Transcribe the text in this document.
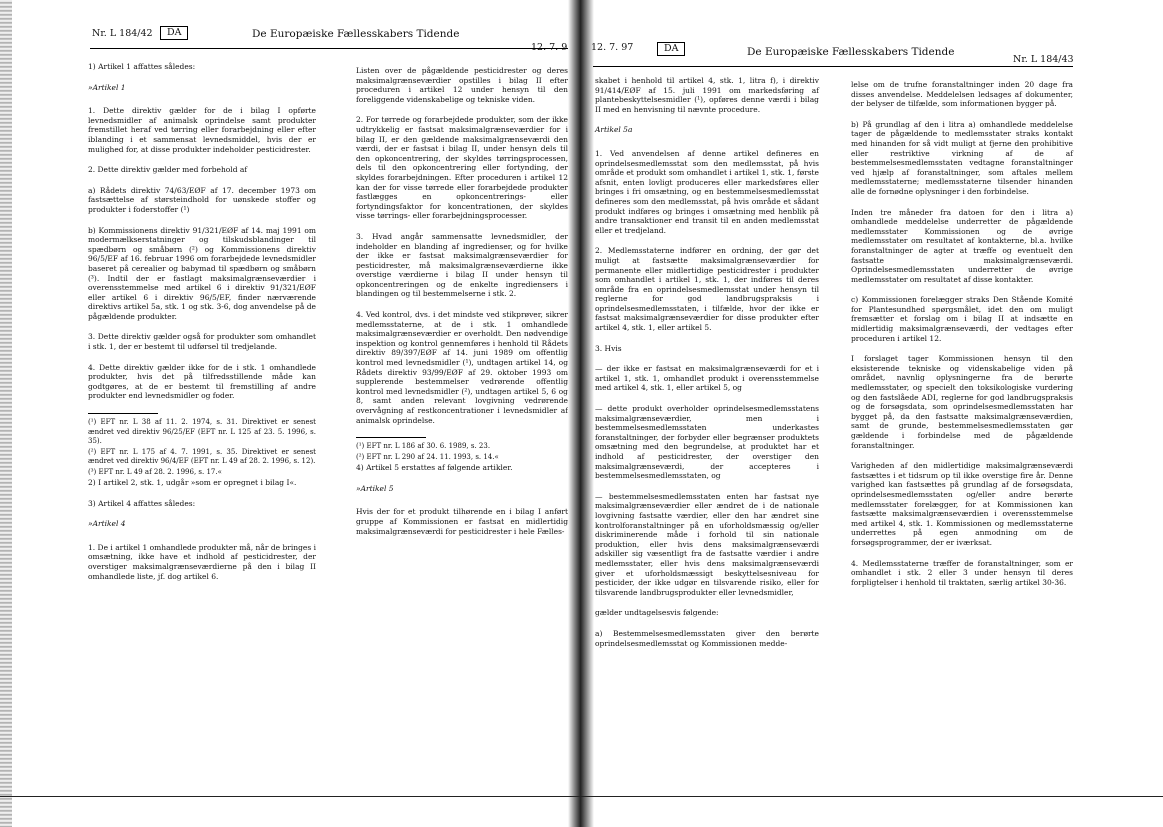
Nr. L 184/42	DA	De Europæiske Fællesskabers Tidende

1) Artikel 1 affattes således:

»Artikel 1

1. Dette direktiv gælder for de i bilag I opførte levnedsmidler af animalsk oprindelse samt produkter fremstillet heraf ved tørring eller forarbejdning eller efter iblanding i et sammensat levnedsmiddel, hvis der er mulighed for, at disse produkter indeholder pesticidrester.

2. Dette direktiv gælder med forbehold af

a) Rådets direktiv 74/63/EØF af 17. december 1973 om fastsættelse af størsteindhold for uønskede stoffer og produkter i foderstoffer (¹)

b) Kommissionens direktiv 91/321/EØF af 14. maj 1991 om modermælkserstatninger og tilskudsblandinger til spædbørn og småbørn (²) og Kommissionens direktiv 96/5/EF af 16. februar 1996 om forarbejdede levnedsmidler baseret på cerealier og babymad til spædbørn og småbørn (³). Indtil der er fastlagt maksimalgrænseværdier i overensstemmelse med artikel 6 i direktiv 91/321/EØF eller artikel 6 i direktiv 96/5/EF, finder nærværende direktivs artikel 5a, stk. 1 og stk. 3-6, dog anvendelse på de pågældende produkter.

3. Dette direktiv gælder også for produkter som omhandlet i stk. 1, der er bestemt til udførsel til tredjelande.

4. Dette direktiv gælder ikke for de i stk. 1 omhandlede produkter, hvis det på tilfredsstillende måde kan godtgøres, at de er bestemt til fremstilling af andre produkter end levnedsmidler og foder.

(¹) EFT nr. L 38 af 11. 2. 1974, s. 31. Direktivet er senest ændret ved direktiv 96/25/EF (EFT nr. L 125 af 23. 5. 1996, s. 35).

(²) EFT nr. L 175 af 4. 7. 1991, s. 35. Direktivet er senest ændret ved direktiv 96/4/EF (EFT nr. L 49 af 28. 2. 1996, s. 12).

(³) EFT nr. L 49 af 28. 2. 1996, s. 17.«

2) I artikel 2, stk. 1, udgår »som er opregnet i bilag I«.

3) Artikel 4 affattes således:

»Artikel 4

1. De i artikel 1 omhandlede produkter må, når de bringes i omsætning, ikke have et indhold af pesticidrester, der overstiger maksimalgrænseværdierne på den i bilag II omhandlede liste, jf. dog artikel 6.

Listen over de pågældende pesticidrester og deres maksimalgrænseværdier opstilles i bilag II efter proceduren i artikel 12 under hensyn til den foreliggende videnskabelige og tekniske viden.

2. For tørrede og forarbejdede produkter, som der ikke udtrykkelig er fastsat maksimalgrænseværdier for i bilag II, er den gældende maksimalgrænseværdi den værdi, der er fastsat i bilag II, under hensyn dels til den opkoncentrering, der skyldes tørringsprocessen, dels til den opkoncentrering eller fortynding, der skyldes forarbejdningen. Efter proceduren i artikel 12 kan der for visse tørrede eller forarbejdede produkter fastlægges en opkoncentrerings- eller fortyndingsfaktor for koncentrationen, der skyldes visse tørrings- eller forarbejdningsprocesser.

3. Hvad angår sammensatte levnedsmidler, der indeholder en blanding af ingredienser, og for hvilke der ikke er fastsat maksimalgrænseværdier for pesticidrester, må maksimalgrænseværdierne ikke overstige værdierne i bilag II under hensyn til opkoncentreringen og de enkelte ingrediensers i blandingen og til bestemmelserne i stk. 2.

4. Ved kontrol, dvs. i det mindste ved stikprøver, sikrer medlemsstaterne, at de i stk. 1 omhandlede maksimalgrænseværdier er overholdt. Den nødvendige inspektion og kontrol gennemføres i henhold til Rådets direktiv 89/397/EØF af 14. juni 1989 om offentlig kontrol med levnedsmidler (¹), undtagen artikel 14, og Rådets direktiv 93/99/EØF af 29. oktober 1993 om supplerende bestemmelser vedrørende offentlig kontrol med levnedsmidler (²), undtagen artikel 5, 6 og 8, samt anden relevant lovgivning vedrørende overvågning af restkoncentrationer i levnedsmidler af animalsk oprindelse.

(¹) EFT nr. L 186 af 30. 6. 1989, s. 23.

(²) EFT nr. L 290 af 24. 11. 1993, s. 14.«

4) Artikel 5 erstattes af følgende artikler.

»Artikel 5

Hvis der for et produkt tilhørende en i bilag I anført gruppe af Kommissionen er fastsat en midlertidig maksimalgrænseværdi for pesticidrester i hele Fælles-

12. 7. 97	DA	De Europæiske Fællesskabers Tidende
Nr. L 184/43

skabet i henhold til artikel 4, stk. 1, litra f), i direktiv 91/414/EØF af 15. juli 1991 om markedsføring af plantebeskyttelsesmidler (¹), opføres denne værdi i bilag II med en henvisning til nævnte procedure.

Artikel 5a

1. Ved anvendelsen af denne artikel defineres en oprindelsesmedlemsstat som den medlemsstat, på hvis område et produkt som omhandlet i artikel 1, stk. 1, første afsnit, enten lovligt produceres eller markedsføres eller bringes i fri omsætning, og en bestemmelsesmedlemsstat defineres som den medlemsstat, på hvis område et sådant produkt indføres og bringes i omsætning med henblik på andre transaktioner end transit til en anden medlemsstat eller et tredjeland.

2. Medlemsstaterne indfører en ordning, der gør det muligt at fastsætte maksimalgrænseværdier for permanente eller midlertidige pesticidrester i produkter som omhandlet i artikel 1, stk. 1, der indføres til deres område fra en oprindelsesmedlemsstat under hensyn til reglerne for god landbrugspraksis i oprindelsesmedlemsstaten, i tilfælde, hvor der ikke er fastsat maksimalgrænseværdier for disse produkter efter artikel 4, stk. 1, eller artikel 5.

3. Hvis

— der ikke er fastsat en maksimalgrænseværdi for et i artikel 1, stk. 1, omhandlet produkt i overensstemmelse med artikel 4, stk. 1, eller artikel 5, og

— dette produkt overholder oprindelsesmedlemsstatens maksimalgrænseværdier, men i bestemmelsesmedlemsstaten underkastes foranstaltninger, der forbyder eller begrænser produktets omsætning med den begrundelse, at produktet har et indhold af pesticidrester, der overstiger den maksimalgrænseværdi, der accepteres i bestemmelsesmedlemsstaten, og

— bestemmelsesmedlemsstaten enten har fastsat nye maksimalgrænseværdier eller ændret de i de nationale lovgivning fastsatte værdier, eller den har ændret sine kontrolforanstaltninger på en uforholdsmæssig og/eller diskriminerende måde i forhold til sin nationale produktion, eller hvis dens maksimalgrænseværdi adskiller sig væsentligt fra de fastsatte værdier i andre medlemsstater, eller hvis dens maksimalgrænseværdi giver et uforholdsmæssigt beskyttelsesniveau for pesticider, der ikke udgør en tilsvarende risiko, eller for tilsvarende landbrugsprodukter eller levnedsmidler,

gælder undtagelsesvis følgende:

a) Bestemmelsesmedlemsstaten giver den berørte oprindelsesmedlemsstat og Kommissionen medde-

lelse om de trufne foranstaltninger inden 20 dage fra disses anvendelse. Meddelelsen ledsages af dokumenter, der belyser de tilfælde, som informationen bygger på.

b) På grundlag af den i litra a) omhandlede meddelelse tager de pågældende to medlemsstater straks kontakt med hinanden for så vidt muligt at fjerne den prohibitive eller restriktive virkning af de af bestemmelsesmedlemsstaten vedtagne foranstaltninger ved hjælp af foranstaltninger, som aftales mellem medlemsstaterne; medlemsstaterne tilsender hinanden alle de fornødne oplysninger i den forbindelse.

Inden tre måneder fra datoen for den i litra a) omhandlede meddelelse underretter de pågældende medlemsstater Kommissionen og de øvrige medlemsstater om resultatet af kontakterne, bl.a. hvilke foranstaltninger de agter at træffe og eventuelt den fastsatte maksimalgrænseværdi. Oprindelsesmedlemsstaten underretter de øvrige medlemsstater om resultatet af disse kontakter.

c) Kommissionen forelægger straks Den Stående Komité for Plantesundhed spørgsmålet, idet den om muligt fremsætter et forslag om i bilag II at indsætte en midlertidig maksimalgrænseværdi, der vedtages efter proceduren i artikel 12.

I forslaget tager Kommissionen hensyn til den eksisterende tekniske og videnskabelige viden på området, navnlig oplysningerne fra de berørte medlemsstater, og specielt den toksikologiske vurdering og den fastslåede ADI, reglerne for god landbrugspraksis og de forsøgsdata, som oprindelsesmedlemsstaten har bygget på, da den fastsatte maksimalgrænseværdien, samt de grunde, bestemmelsesmedlemsstaten gør gældende i forbindelse med de pågældende foranstaltninger.

Varigheden af den midlertidige maksimalgrænseværdi fastsættes i et tidsrum op til ikke overstige fire år. Denne varighed kan fastsættes på grundlag af de forsøgsdata, oprindelsesmedlemsstaten og/eller andre berørte medlemsstater forelægger, for at Kommissionen kan fastsætte maksimalgrænseværdien i overensstemmelse med artikel 4, stk. 1. Kommissionen og medlemsstaterne underrettes på egen anmodning om de forsøgsprogrammer, der er iværksat.

4. Medlemsstaterne træffer de foranstaltninger, som er omhandlet i stk. 2 eller 3 under hensyn til deres forpligtelser i henhold til traktaten, særlig artikel 30-36.
